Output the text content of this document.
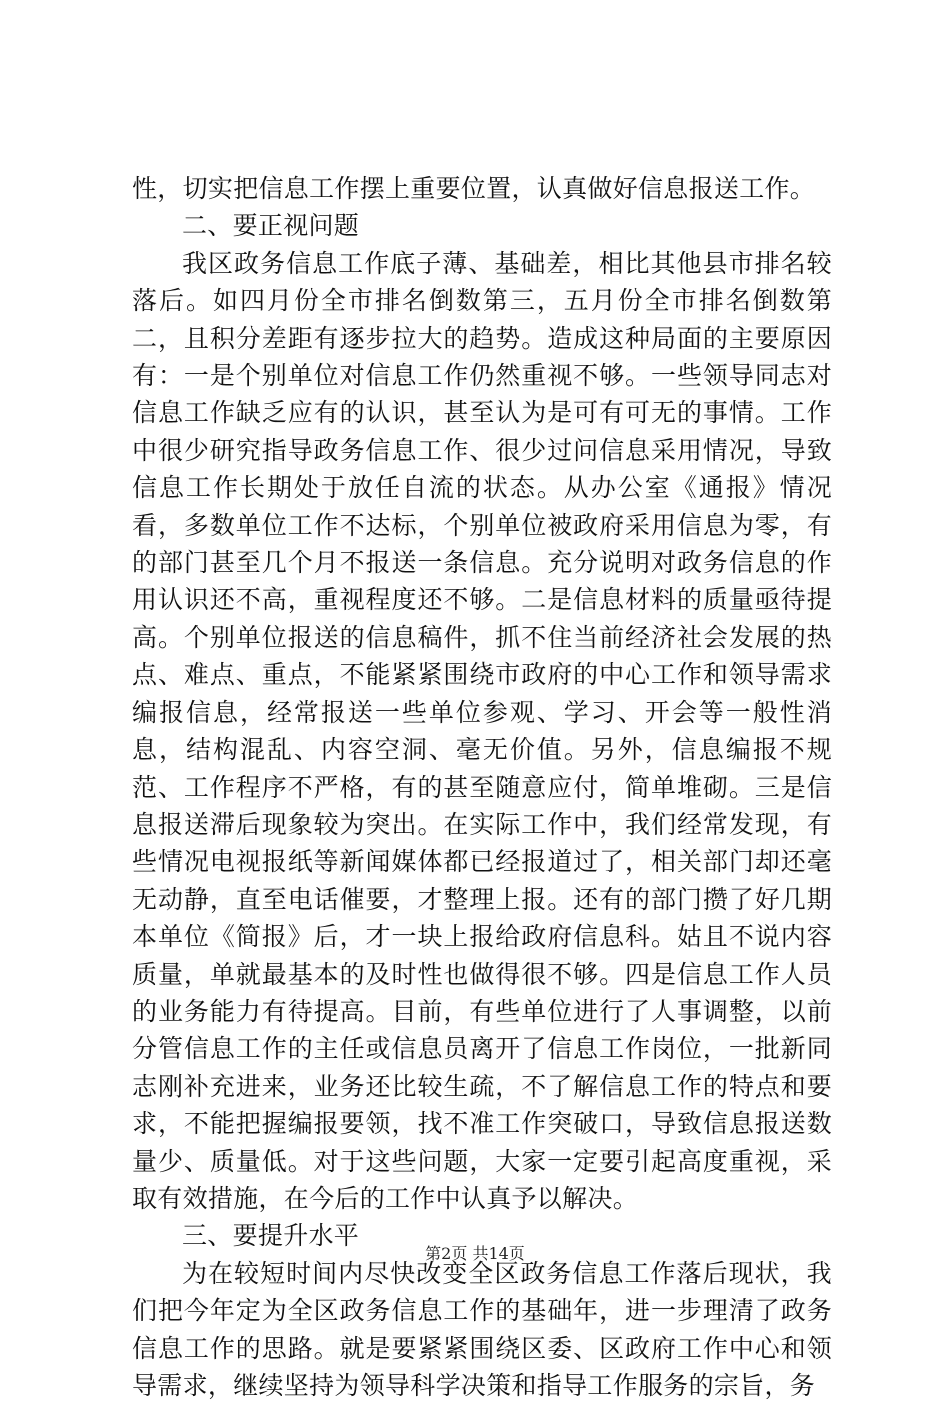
性，切实把信息工作摆上重要位置，认真做好信息报送工作。

二、要正视问题

我区政务信息工作底子薄、基础差，相比其他县市排名较落后。如四月份全市排名倒数第三，五月份全市排名倒数第二，且积分差距有逐步拉大的趋势。造成这种局面的主要原因有：一是个别单位对信息工作仍然重视不够。一些领导同志对信息工作缺乏应有的认识，甚至认为是可有可无的事情。工作中很少研究指导政务信息工作、很少过问信息采用情况，导致信息工作长期处于放任自流的状态。从办公室《通报》情况看，多数单位工作不达标，个别单位被政府采用信息为零，有的部门甚至几个月不报送一条信息。充分说明对政务信息的作用认识还不高，重视程度还不够。二是信息材料的质量亟待提高。个别单位报送的信息稿件，抓不住当前经济社会发展的热点、难点、重点，不能紧紧围绕市政府的中心工作和领导需求编报信息，经常报送一些单位参观、学习、开会等一般性消息，结构混乱、内容空洞、毫无价值。另外，信息编报不规范、工作程序不严格，有的甚至随意应付，简单堆砌。三是信息报送滞后现象较为突出。在实际工作中，我们经常发现，有些情况电视报纸等新闻媒体都已经报道过了，相关部门却还毫无动静，直至电话催要，才整理上报。还有的部门攒了好几期本单位《简报》后，才一块上报给政府信息科。姑且不说内容质量，单就最基本的及时性也做得很不够。四是信息工作人员的业务能力有待提高。目前，有些单位进行了人事调整，以前分管信息工作的主任或信息员离开了信息工作岗位，一批新同志刚补充进来，业务还比较生疏，不了解信息工作的特点和要求，不能把握编报要领，找不准工作突破口，导致信息报送数量少、质量低。对于这些问题，大家一定要引起高度重视，采取有效措施，在今后的工作中认真予以解决。

三、要提升水平

为在较短时间内尽快改变全区政务信息工作落后现状，我们把今年定为全区政务信息工作的基础年，进一步理清了政务信息工作的思路。就是要紧紧围绕区委、区政府工作中心和领导需求，继续坚持为领导科学决策和指导工作服务的宗旨，务

第2页 共14页
